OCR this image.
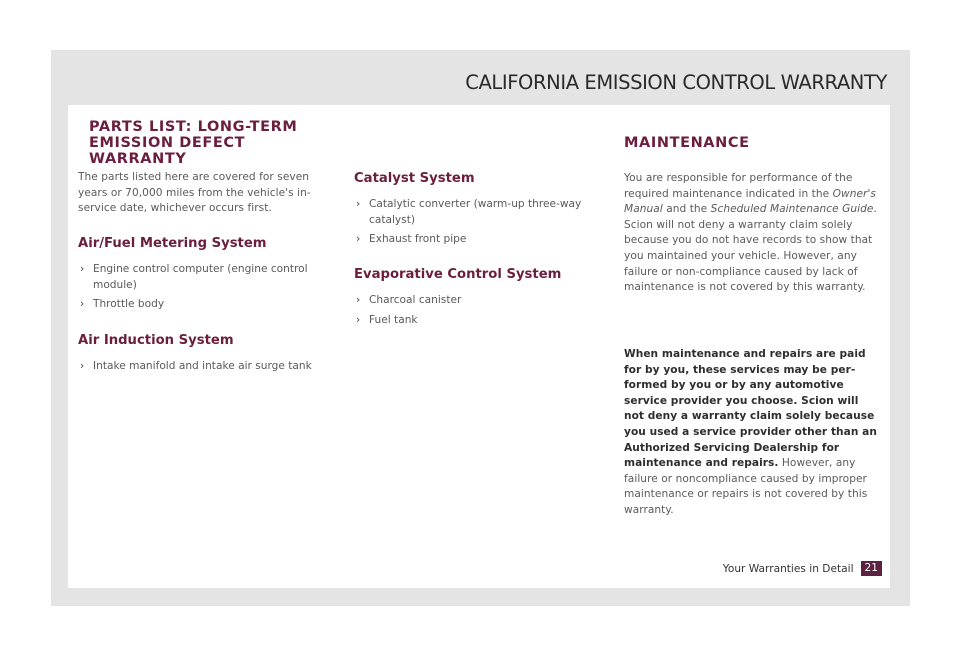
CALIFORNIA EMISSION CONTROL WARRANTY
PARTS LIST: LONG-TERM
EMISSION DEFECT WARRANTY

The parts listed here are covered for seven years or 70,000 miles from the vehicle's in-service date, whichever occurs first.

Air/Fuel Metering System
› Engine control computer (engine control module)
› Throttle body
Air Induction System
› Intake manifold and intake air surge tank
Catalyst System
› Catalytic converter (warm-up three-way catalyst)
› Exhaust front pipe
Evaporative Control System
› Charcoal canister
› Fuel tank
MAINTENANCE

You are responsible for performance of the required maintenance indicated in the Owner's Manual and the Scheduled Maintenance Guide. Scion will not deny a warranty claim solely because you do not have records to show that you maintained your vehicle. However, any failure or non-compliance caused by lack of maintenance is not covered by this warranty.

When maintenance and repairs are paid for by you, these services may be per-formed by you or by any automotive service provider you choose. Scion will not deny a warranty claim solely because you used a service provider other than an Authorized Servicing Dealership for maintenance and repairs. However, any failure or noncompliance caused by improper maintenance or repairs is not covered by this warranty.

Your Warranties in Detail	21
